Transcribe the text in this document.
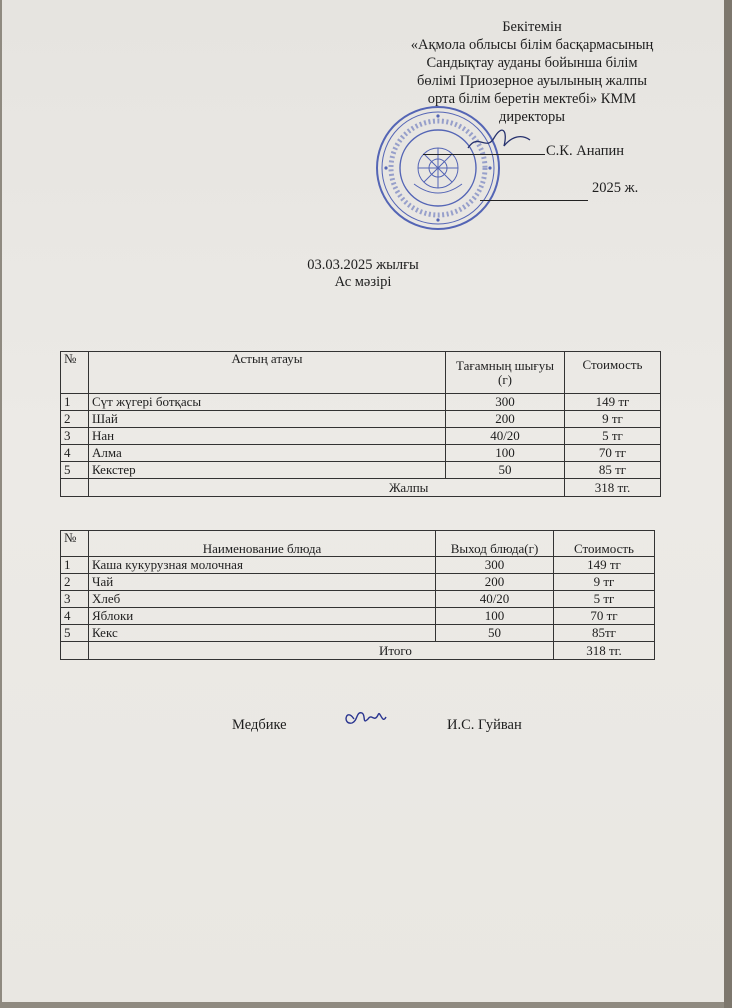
Бекітемін
«Ақмола облысы білім басқармасының
Сандықтау ауданы бойынша білім
бөлімі Приозерное ауылының жалпы
орта білім беретін мектебі» КММ
директоры
С.К. Анапин
2025 ж.
03.03.2025 жылғы
Ас мәзірі
№	Астың атауы	Тағамның шығуы (г)	Стоимость
1	Сүт жүгері ботқасы	300	149 тг
2	Шай	200	9 тг
3	Нан	40/20	5 тг
4	Алма	100	70 тг
5	Кекстер	50	85 тг
	Жалпы		318 тг.
№	Наименование блюда	Выход блюда(г)	Стоимость
1	Каша кукурузная молочная	300	149 тг
2	Чай	200	9 тг
3	Хлеб	40/20	5 тг
4	Яблоки	100	70 тг
5	Кекс	50	85тг
	Итого		318 тг.
Медбике	И.С. Гуйван
